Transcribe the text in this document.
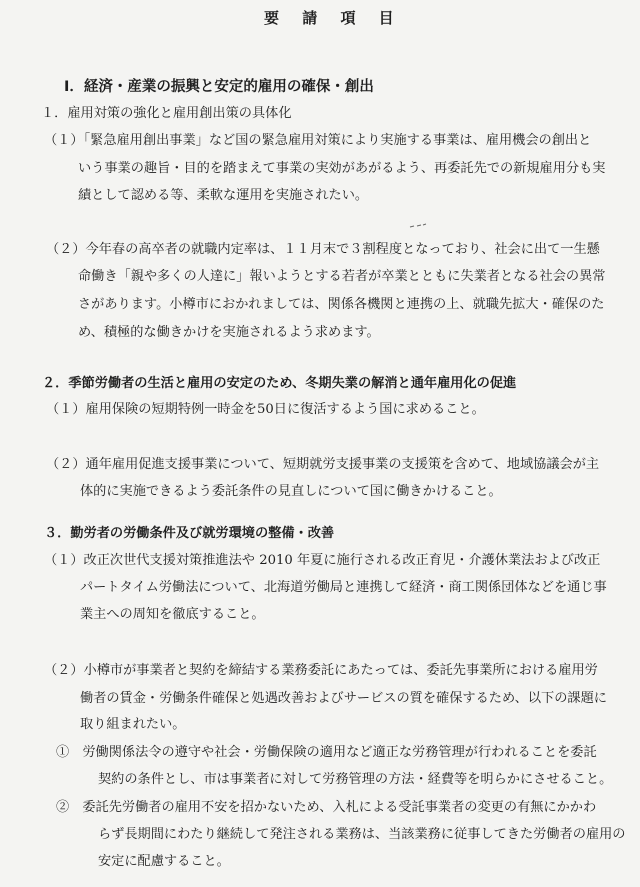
要 請 項 目
Ⅰ．経済・産業の振興と安定的雇用の確保・創出
１．雇用対策の強化と雇用創出策の具体化
（１）「緊急雇用創出事業」など国の緊急雇用対策により実施する事業は、雇用機会の創出と
いう事業の趣旨・目的を踏まえて事業の実効があがるよう、再委託先での新規雇用分も実
績として認める等、柔軟な運用を実施されたい。
（２）今年春の高卒者の就職内定率は、１１月末で３割程度となっており、社会に出て一生懸
命働き「親や多くの人達に」報いようとする若者が卒業とともに失業者となる社会の異常
さがあります。小樽市におかれましては、関係各機関と連携の上、就職先拡大・確保のた
め、積極的な働きかけを実施されるよう求めます。
２．季節労働者の生活と雇用の安定のため、冬期失業の解消と通年雇用化の促進
（１）雇用保険の短期特例一時金を50日に復活するよう国に求めること。
（２）通年雇用促進支援事業について、短期就労支援事業の支援策を含めて、地域協議会が主
体的に実施できるよう委託条件の見直しについて国に働きかけること。
３．勤労者の労働条件及び就労環境の整備・改善
（１）改正次世代支援対策推進法や 2010 年夏に施行される改正育児・介護休業法および改正
パートタイム労働法について、北海道労働局と連携して経済・商工関係団体などを通じ事
業主への周知を徹底すること。
（２）小樽市が事業者と契約を締結する業務委託にあたっては、委託先事業所における雇用労
働者の賃金・労働条件確保と処遇改善およびサービスの質を確保するため、以下の課題に
取り組まれたい。
①　労働関係法令の遵守や社会・労働保険の適用など適正な労務管理が行われることを委託
契約の条件とし、市は事業者に対して労務管理の方法・経費等を明らかにさせること。
②　委託先労働者の雇用不安を招かないため、入札による受託事業者の変更の有無にかかわ
らず長期間にわたり継続して発注される業務は、当該業務に従事してきた労働者の雇用の
安定に配慮すること。
